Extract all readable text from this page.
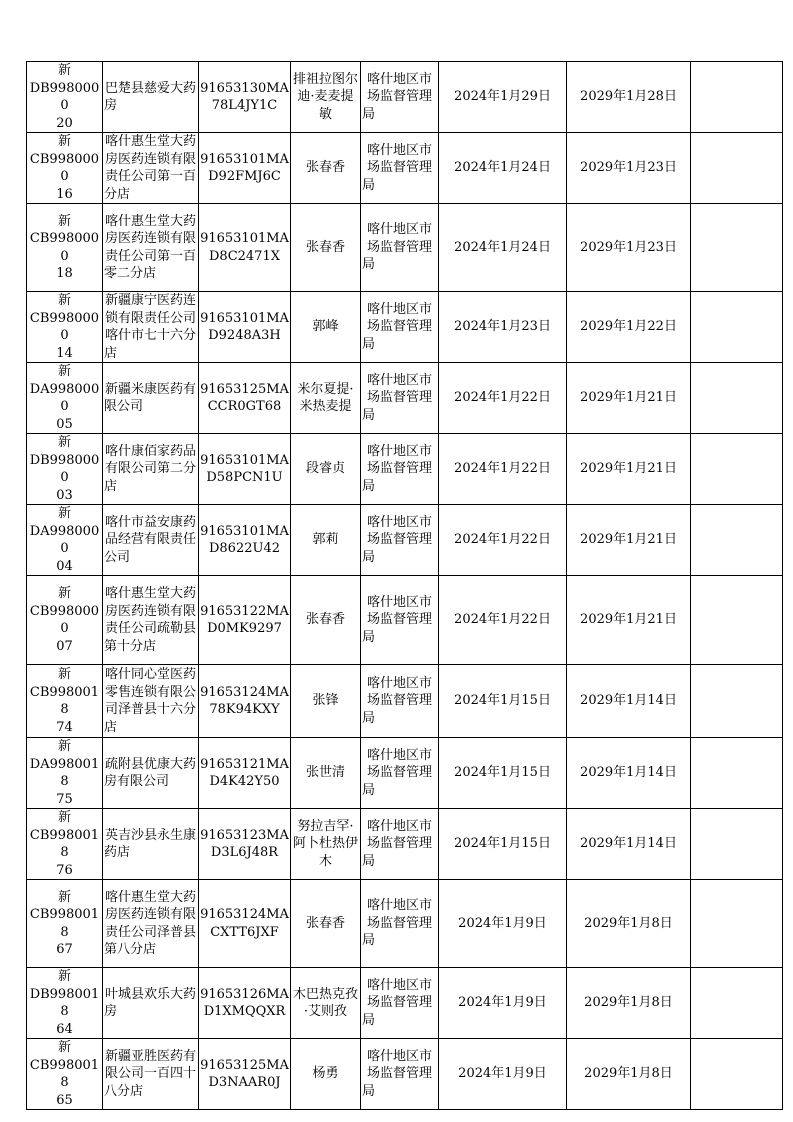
新
DB9980000
20	巴楚县慈爱大药房	91653130MA78L4JY1C	排祖拉图尔迪·麦麦提敏	喀什地区市场监督管理局	2024年1月29日	2029年1月28日	

新
CB9980000
16	喀什惠生堂大药房医药连锁有限责任公司第一百分店	91653101MAD92FMJ6C	张春香	喀什地区市场监督管理局	2024年1月24日	2029年1月23日	

新
CB9980000
18	喀什惠生堂大药房医药连锁有限责任公司第一百零二分店	91653101MAD8C2471X	张春香	喀什地区市场监督管理局	2024年1月24日	2029年1月23日	

新
CB9980000
14	新疆康宁医药连锁有限责任公司喀什市七十六分店	91653101MAD9248A3H	郭峰	喀什地区市场监督管理局	2024年1月23日	2029年1月22日	

新
DA9980000
05	新疆米康医药有限公司	91653125MACCR0GT68	米尔夏提·米热麦提	喀什地区市场监督管理局	2024年1月22日	2029年1月21日	

新
DB9980000
03	喀什康佰家药品有限公司第二分店	91653101MAD58PCN1U	段睿贞	喀什地区市场监督管理局	2024年1月22日	2029年1月21日	

新
DA9980000
04	喀什市益安康药品经营有限责任公司	91653101MAD8622U42	郭莉	喀什地区市场监督管理局	2024年1月22日	2029年1月21日	

新
CB9980000
07	喀什惠生堂大药房医药连锁有限责任公司疏勒县第十分店	91653122MAD0MK9297	张春香	喀什地区市场监督管理局	2024年1月22日	2029年1月21日	

新
CB9980018
74	喀什同心堂医药零售连锁有限公司泽普县十六分店	91653124MA78K94KXY	张锋	喀什地区市场监督管理局	2024年1月15日	2029年1月14日	

新
DA9980018
75	疏附县优康大药房有限公司	91653121MAD4K42Y50	张世清	喀什地区市场监督管理局	2024年1月15日	2029年1月14日	

新
CB9980018
76	英吉沙县永生康药店	91653123MAD3L6J48R	努拉吉罕·阿卜杜热伊木	喀什地区市场监督管理局	2024年1月15日	2029年1月14日	

新
CB9980018
67	喀什惠生堂大药房医药连锁有限责任公司泽普县第八分店	91653124MACXTT6JXF	张春香	喀什地区市场监督管理局	2024年1月9日	2029年1月8日	

新
DB9980018
64	叶城县欢乐大药房	91653126MAD1XMQQXR	木巴热克孜·艾则孜	喀什地区市场监督管理局	2024年1月9日	2029年1月8日	

新
CB9980018
65	新疆亚胜医药有限公司一百四十八分店	91653125MAD3NAAR0J	杨勇	喀什地区市场监督管理局	2024年1月9日	2029年1月8日	
